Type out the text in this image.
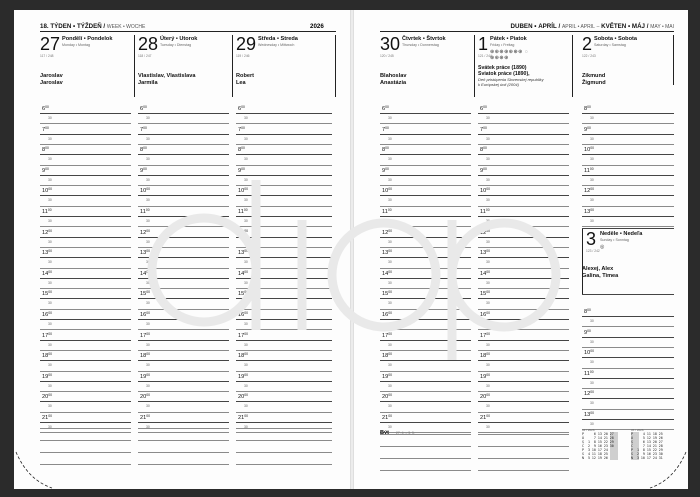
18. TÝDEN • TÝŽDEŇ / WEEK • WOCHE	2026
27 Pondělí • Pondelok
Monday • Montag
117 / 248
Jaroslav
Jaroslav
$6^{00}$
30
$7^{00}$
30
$8^{00}$
30
$9^{00}$
30
$10^{00}$
30
$11^{00}$
30
$12^{00}$
30
$13^{00}$
30
$14^{00}$
30
$15^{00}$
30
$16^{00}$
30
$17^{00}$
30
$18^{00}$
30
$19^{00}$
30
$20^{00}$
30
$21^{00}$
30
28 Úterý • Utorok
Tuesday • Dienstag
118 / 247
Vlastislav, Vlastislava
Jarmila
$6^{00}$
30
$7^{00}$
30
$8^{00}$
30
$9^{00}$
30
$10^{00}$
30
$11^{00}$
30
$12^{00}$
30
$13^{00}$
30
$14^{00}$
30
$15^{00}$
30
$16^{00}$
30
$17^{00}$
30
$18^{00}$
30
$19^{00}$
30
$20^{00}$
30
$21^{00}$
30
29 Středa • Streda
Wednesday • Mittwoch
119 / 246
Robert
Lea
$6^{00}$
30
$7^{00}$
30
$8^{00}$
30
$9^{00}$
30
$10^{00}$
30
$11^{00}$
30
$12^{00}$
30
$13^{00}$
30
$14^{00}$
30
$15^{00}$
30
$16^{00}$
30
$17^{00}$
30
$18^{00}$
30
$19^{00}$
30
$20^{00}$
30
$21^{00}$
30
DUBEN • APRÍL / APRIL • APRIL – KVĚTEN • MÁJ / MAY • MAI
30 Čtvrtek • Štvrtok
Thursday • Donnerstag
120 / 245
Blahoslav
Anastázia
$6^{00}$
30
$7^{00}$
30
$8^{00}$
30
$9^{00}$
30
$10^{00}$
30
$11^{00}$
30
$12^{00}$
30
$13^{00}$
30
$14^{00}$
30
$15^{00}$
30
$16^{00}$
30
$17^{00}$
30
$18^{00}$
30
$19^{00}$
30
$20^{00}$
30
$21^{00}$
30
1 Pátek • Piatok
Friday • Freitag
121 / 244
⊕⊕⊕⊕⊕⊕⊕ ◌
⊕⊕⊕⊕
Svátek práce (1890)
Sviatok práce (1890),
Deň pristúpenia Slovenskej republiky
k Európskej únii (2004)
$6^{00}$
30
$7^{00}$
30
$8^{00}$
30
$9^{00}$
30
$10^{00}$
30
$11^{00}$
30
$12^{00}$
30
$13^{00}$
30
$14^{00}$
30
$15^{00}$
30
$16^{00}$
30
$17^{00}$
30
$18^{00}$
30
$19^{00}$
30
$20^{00}$
30
$21^{00}$
30
2 Sobota • Sobota
Saturday • Samstag
122 / 243
Zikmund
Žigmund
$8^{00}$
30
$9^{00}$
30
$10^{00}$
30
$11^{00}$
30
$12^{00}$
30
$13^{00}$
30
3 Neděle • Nedeľa
Sunday • Sonntag
123 / 242
◎
Alexej, Alex
Galina, Timea
$8^{00}$
30
$9^{00}$
30
$10^{00}$
30
$11^{00}$
30
$12^{00}$
30
$13^{00}$
30
Být 27. 4. – 3. 5.
04 / 2026
P     6 13 20 27
Ú     7 14 21 28
S  1  8 15 22 29
Č  2  9 16 23 30
P  3 10 17 24
S  4 11 18 25
N  5 12 19 26
05 / 2026
P     4 11 18 25
Ú     5 12 19 26
S     6 13 20 27
Č     7 14 21 28
P  1  8 15 22 29
S  2  9 16 23 30
N  3 10 17 24 31
